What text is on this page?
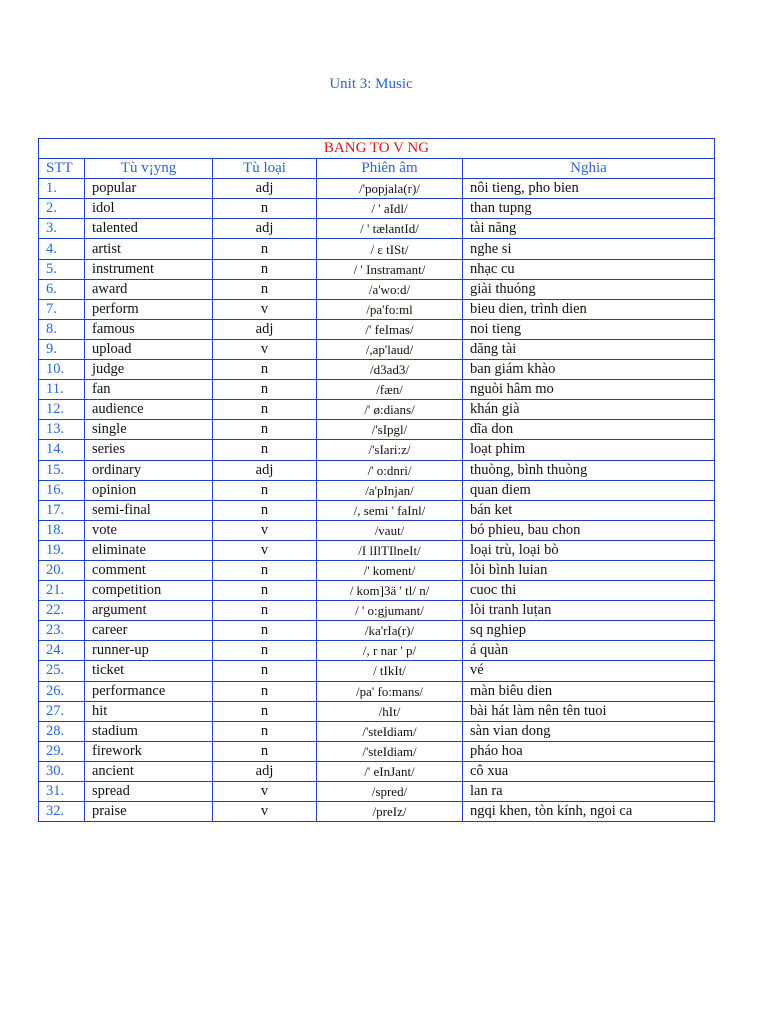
Unit 3: Music
BANG TO V NG				
STT	Tù v¡yng	Tù loại	Phiên âm	Nghia
1.	popular	adj	/'popjala(r)/	nôi tieng, pho bien
2.	idol	n	/ ' aIdl/	than tupng
3.	talented	adj	/ ' tælantId/	tài năng
4.	artist	n	/ ε tISt/	nghe si
5.	instrument	n	/ ' Instramant/	nhạc cu
6.	award	n	/a'wo:d/	giài thuóng
7.	perform	v	/pa'fo:ml	bieu dien, trình dien
8.	famous	adj	/' feImas/	noi tieng
9.	upload	v	/,ap'laud/	dăng tài
10.	judge	n	/d3ad3/	ban giám khào
11.	fan	n	/fæn/	nguòi hâm mo
12.	audience	n	/' ø:dians/	khán già
13.	single	n	/'sIpgl/	dĩa don
14.	series	n	/'sIari:z/	loạt phim
15.	ordinary	adj	/' o:dnri/	thuòng, bình thuòng
16.	opinion	n	/a'pInjan/	quan diem
17.	semi-final	n	/, semi ' faInl/	bán ket
18.	vote	v	/vaut/	bó phieu, bau chon
19.	eliminate	v	/I lIlTIlneIt/	loại trù, loại bò
20.	comment	n	/' koment/	lòi bình luian
21.	competition	n	/ kom]3ä ' tl/ n/	cuoc thi
22.	argument	n	/ ' o:gjumant/	lòi tranh luṭan
23.	career	n	/ka'rIa(r)/	sq nghiep
24.	runner-up	n	/, r nar ' p/	á quàn
25.	ticket	n	/ tIkIt/	vé
26.	performance	n	/pa' fo:mans/	màn biêu dien
27.	hit	n	/hIt/	bài hát làm nên tên tuoi
28.	stadium	n	/'steIdiam/	sàn vian dong
29.	firework	n	/'steIdiam/	pháo hoa
30.	ancient	adj	/' eInJant/	cô xua
31.	spread	v	/spred/	lan ra
32.	praise	v	/preIz/	ngqi khen, tòn kính, ngoi ca
